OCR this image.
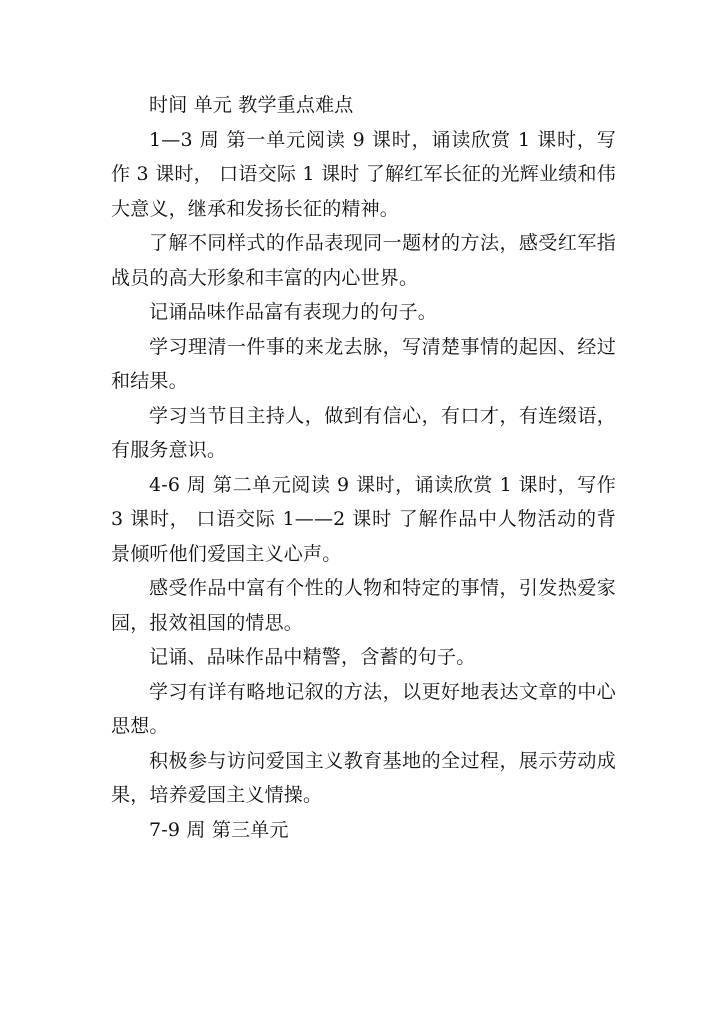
时间 单元 教学重点难点

1—3 周 第一单元阅读 9 课时，诵读欣赏 1 课时，写作 3 课时， 口语交际 1 课时 了解红军长征的光辉业绩和伟大意义，继承和发扬长征的精神。

了解不同样式的作品表现同一题材的方法，感受红军指战员的高大形象和丰富的内心世界。

记诵品味作品富有表现力的句子。

学习理清一件事的来龙去脉，写清楚事情的起因、经过和结果。

学习当节目主持人，做到有信心，有口才，有连缀语，有服务意识。

4-6 周 第二单元阅读 9 课时，诵读欣赏 1 课时，写作 3 课时， 口语交际 1——2 课时 了解作品中人物活动的背景倾听他们爱国主义心声。

感受作品中富有个性的人物和特定的事情，引发热爱家园，报效祖国的情思。

记诵、品味作品中精警，含蓄的句子。

学习有详有略地记叙的方法，以更好地表达文章的中心思想。

积极参与访问爱国主义教育基地的全过程，展示劳动成果，培养爱国主义情操。

7-9 周 第三单元
